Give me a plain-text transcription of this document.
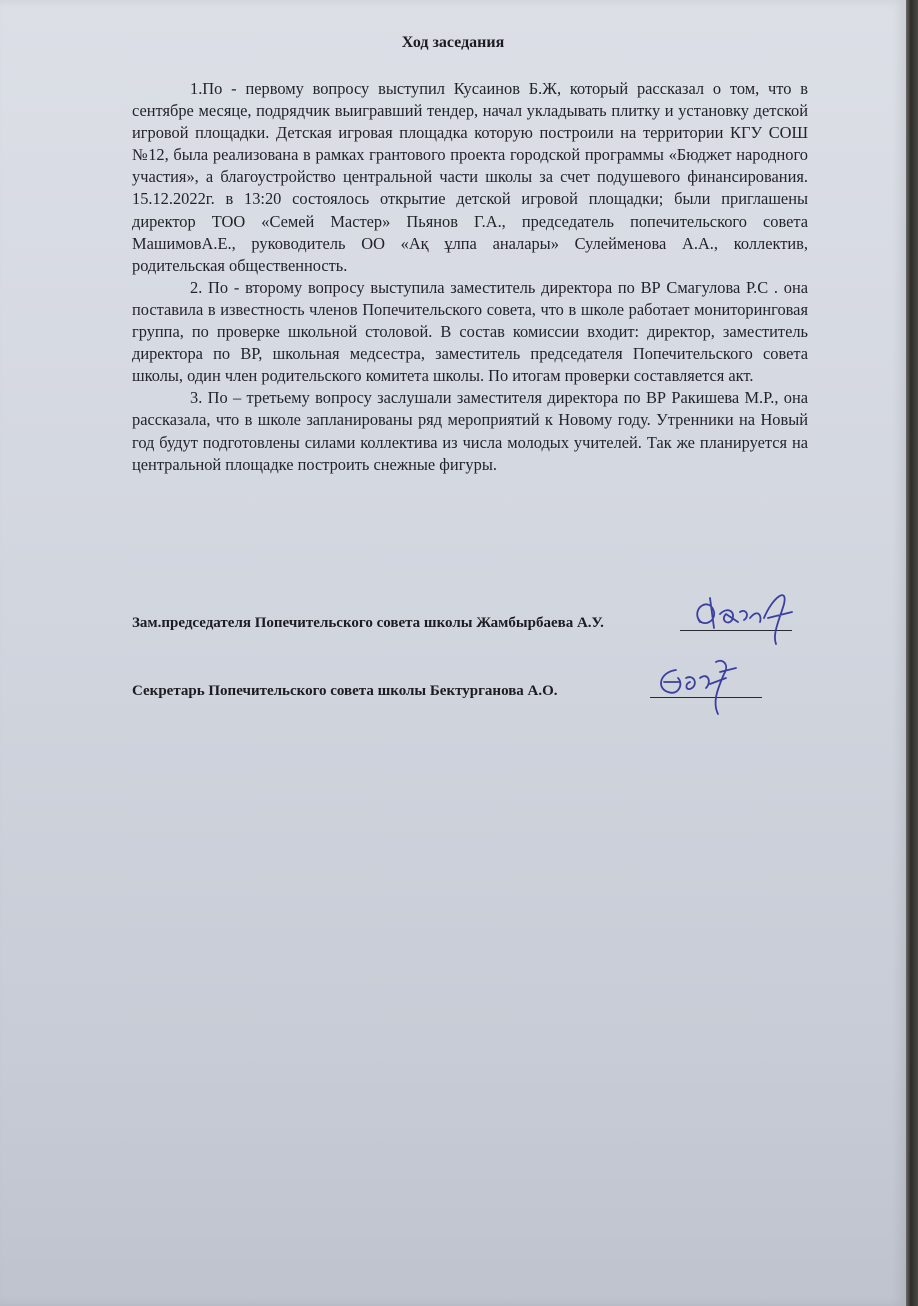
Ход заседания

1.По - первому вопросу выступил Кусаинов Б.Ж, который рассказал о том, что в сентябре месяце, подрядчик выигравший тендер, начал укладывать плитку и установку детской игровой площадки. Детская игровая площадка которую построили на территории КГУ СОШ №12, была реализована в рамках грантового проекта городской программы «Бюджет народного участия», а благоустройство центральной части школы за счет подушевого финансирования. 15.12.2022г. в 13:20 состоялось открытие детской игровой площадки; были приглашены директор ТОО «Семей Мастер» Пьянов Г.А., председатель попечительского совета МашимовА.Е., руководитель ОО «Ақ ұлпа аналары» Сулейменова А.А., коллектив, родительская общественность.

2. По - второму вопросу выступила заместитель директора по ВР Смагулова Р.С . она поставила в известность членов Попечительского совета, что в школе работает мониторинговая группа, по проверке школьной столовой. В состав комиссии входит: директор, заместитель директора по ВР, школьная медсестра, заместитель председателя Попечительского совета школы, один член родительского комитета школы. По итогам проверки составляется акт.

3. По – третьему вопросу заслушали заместителя директора по ВР Ракишева М.Р., она рассказала, что в школе запланированы ряд мероприятий к Новому году. Утренники на Новый год будут подготовлены силами коллектива из числа молодых учителей. Так же планируется на центральной площадке построить снежные фигуры.

Зам.председателя Попечительского совета школы Жамбырбаева А.У.
Секретарь Попечительского совета школы Бектурганова А.О.
